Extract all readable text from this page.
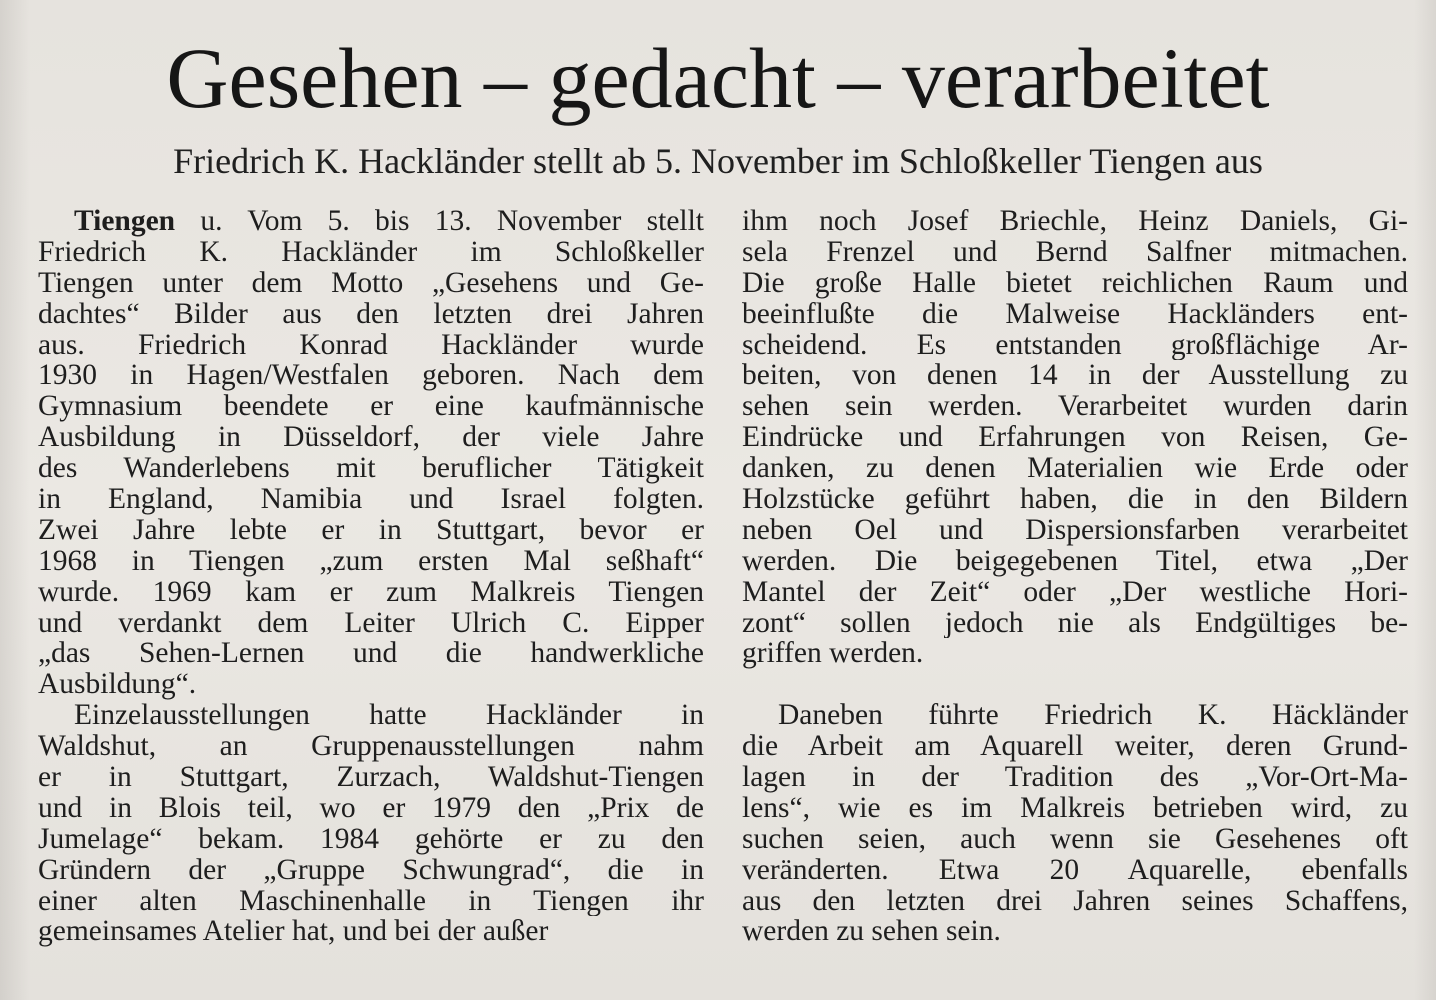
Gesehen – gedacht – verarbeitet
Friedrich K. Hackländer stellt ab 5. November im Schloßkeller Tiengen aus
Tiengen u. Vom 5. bis 13. November stellt
Friedrich K. Hackländer im Schloßkeller
Tiengen unter dem Motto „Gesehens und Ge-
dachtes“ Bilder aus den letzten drei Jahren
aus. Friedrich Konrad Hackländer wurde
1930 in Hagen/Westfalen geboren. Nach dem
Gymnasium beendete er eine kaufmännische
Ausbildung in Düsseldorf, der viele Jahre
des Wanderlebens mit beruflicher Tätigkeit
in England, Namibia und Israel folgten.
Zwei Jahre lebte er in Stuttgart, bevor er
1968 in Tiengen „zum ersten Mal seßhaft“
wurde. 1969 kam er zum Malkreis Tiengen
und verdankt dem Leiter Ulrich C. Eipper
„das Sehen-Lernen und die handwerkliche
Ausbildung“.
Einzelausstellungen hatte Hackländer in
Waldshut, an Gruppenausstellungen nahm
er in Stuttgart, Zurzach, Waldshut-Tiengen
und in Blois teil, wo er 1979 den „Prix de
Jumelage“ bekam. 1984 gehörte er zu den
Gründern der „Gruppe Schwungrad“, die in
einer alten Maschinenhalle in Tiengen ihr
gemeinsames Atelier hat, und bei der außer
ihm noch Josef Briechle, Heinz Daniels, Gi-
sela Frenzel und Bernd Salfner mitmachen.
Die große Halle bietet reichlichen Raum und
beeinflußte die Malweise Hackländers ent-
scheidend. Es entstanden großflächige Ar-
beiten, von denen 14 in der Ausstellung zu
sehen sein werden. Verarbeitet wurden darin
Eindrücke und Erfahrungen von Reisen, Ge-
danken, zu denen Materialien wie Erde oder
Holzstücke geführt haben, die in den Bildern
neben Oel und Dispersionsfarben verarbeitet
werden. Die beigegebenen Titel, etwa „Der
Mantel der Zeit“ oder „Der westliche Hori-
zont“ sollen jedoch nie als Endgültiges be-
griffen werden.
Daneben führte Friedrich K. Häckländer
die Arbeit am Aquarell weiter, deren Grund-
lagen in der Tradition des „Vor-Ort-Ma-
lens“, wie es im Malkreis betrieben wird, zu
suchen seien, auch wenn sie Gesehenes oft
veränderten. Etwa 20 Aquarelle, ebenfalls
aus den letzten drei Jahren seines Schaffens,
werden zu sehen sein.
